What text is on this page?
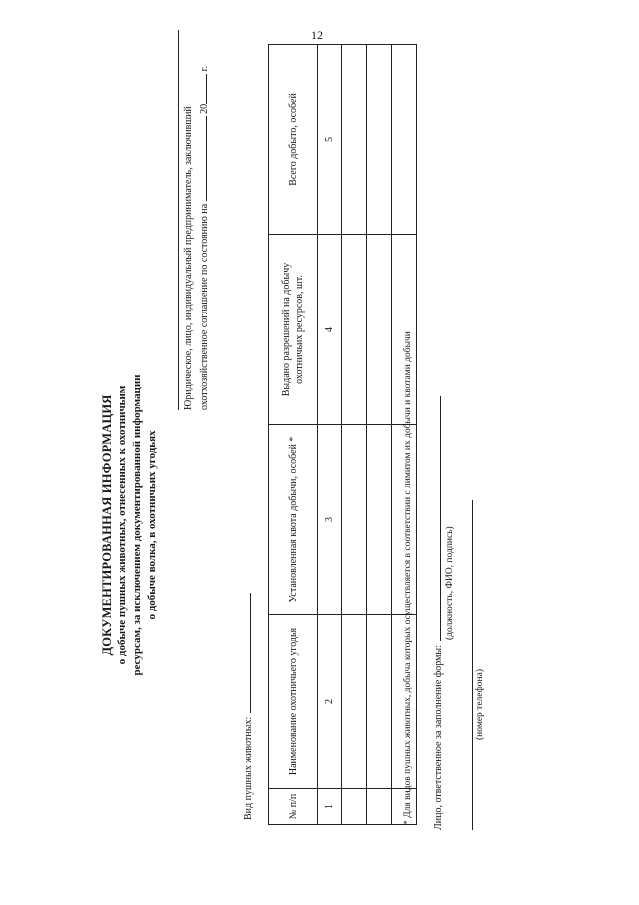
12
ДОКУМЕНТИРОВАННАЯ ИНФОРМАЦИЯ о добыче пушных животных, отнесенных к охотничьим ресурсам, за исключением документированной информации о добыче волка, в охотничьих угодьях
Юридическое, лицо, индивидуальный предприниматель, заключивший охотхозяйственное соглашение по состоянию на  20 г.
Вид пушных животных:	№ п/п	Наименование охотничьего угодья	Установленная квота добычи, особей *	Выдано разрешений на добычу охотничьих ресурсов, шт.	Всего добыто, особей
1	2	3	4	5

* Для видов пушных животных, добыча которых осуществляется в соответствии с лимитом их добычи и квотами добычи	Лицо, ответственное за заполнение формы:
(должность, ФИО, подпись)
(номер телефона)
